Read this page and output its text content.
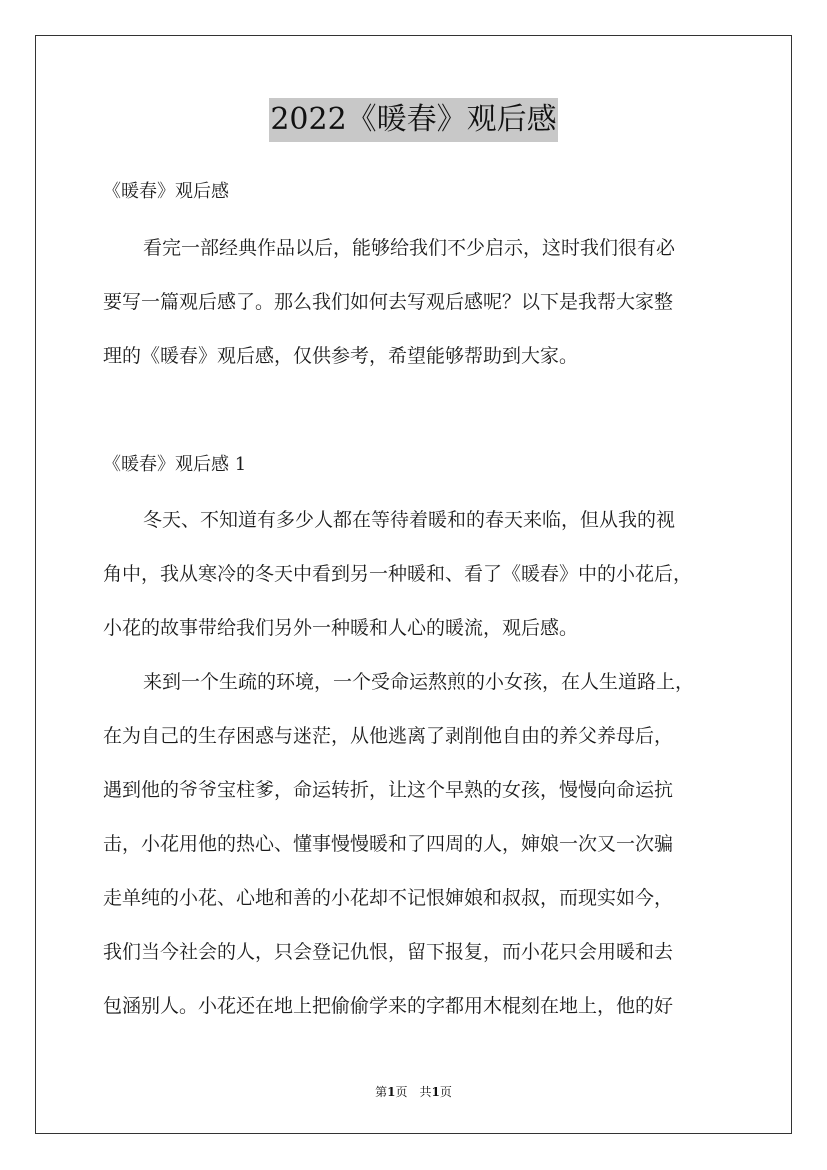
2022《暖春》观后感
《暖春》观后感
看完一部经典作品以后，能够给我们不少启示，这时我们很有必
要写一篇观后感了。那么我们如何去写观后感呢？以下是我帮大家整
理的《暖春》观后感，仅供参考，希望能够帮助到大家。
《暖春》观后感 1
冬天、不知道有多少人都在等待着暖和的春天来临，但从我的视
角中，我从寒冷的冬天中看到另一种暖和、看了《暖春》中的小花后，
小花的故事带给我们另外一种暖和人心的暖流，观后感。
来到一个生疏的环境，一个受命运熬煎的小女孩，在人生道路上，
在为自己的生存困惑与迷茫，从他逃离了剥削他自由的养父养母后，
遇到他的爷爷宝柱爹，命运转折，让这个早熟的女孩，慢慢向命运抗
击，小花用他的热心、懂事慢慢暖和了四周的人，婶娘一次又一次骗
走单纯的小花、心地和善的小花却不记恨婶娘和叔叔，而现实如今，
我们当今社会的人，只会登记仇恨，留下报复，而小花只会用暖和去
包涵别人。小花还在地上把偷偷学来的字都用木棍刻在地上，他的好
第1页　共1页
